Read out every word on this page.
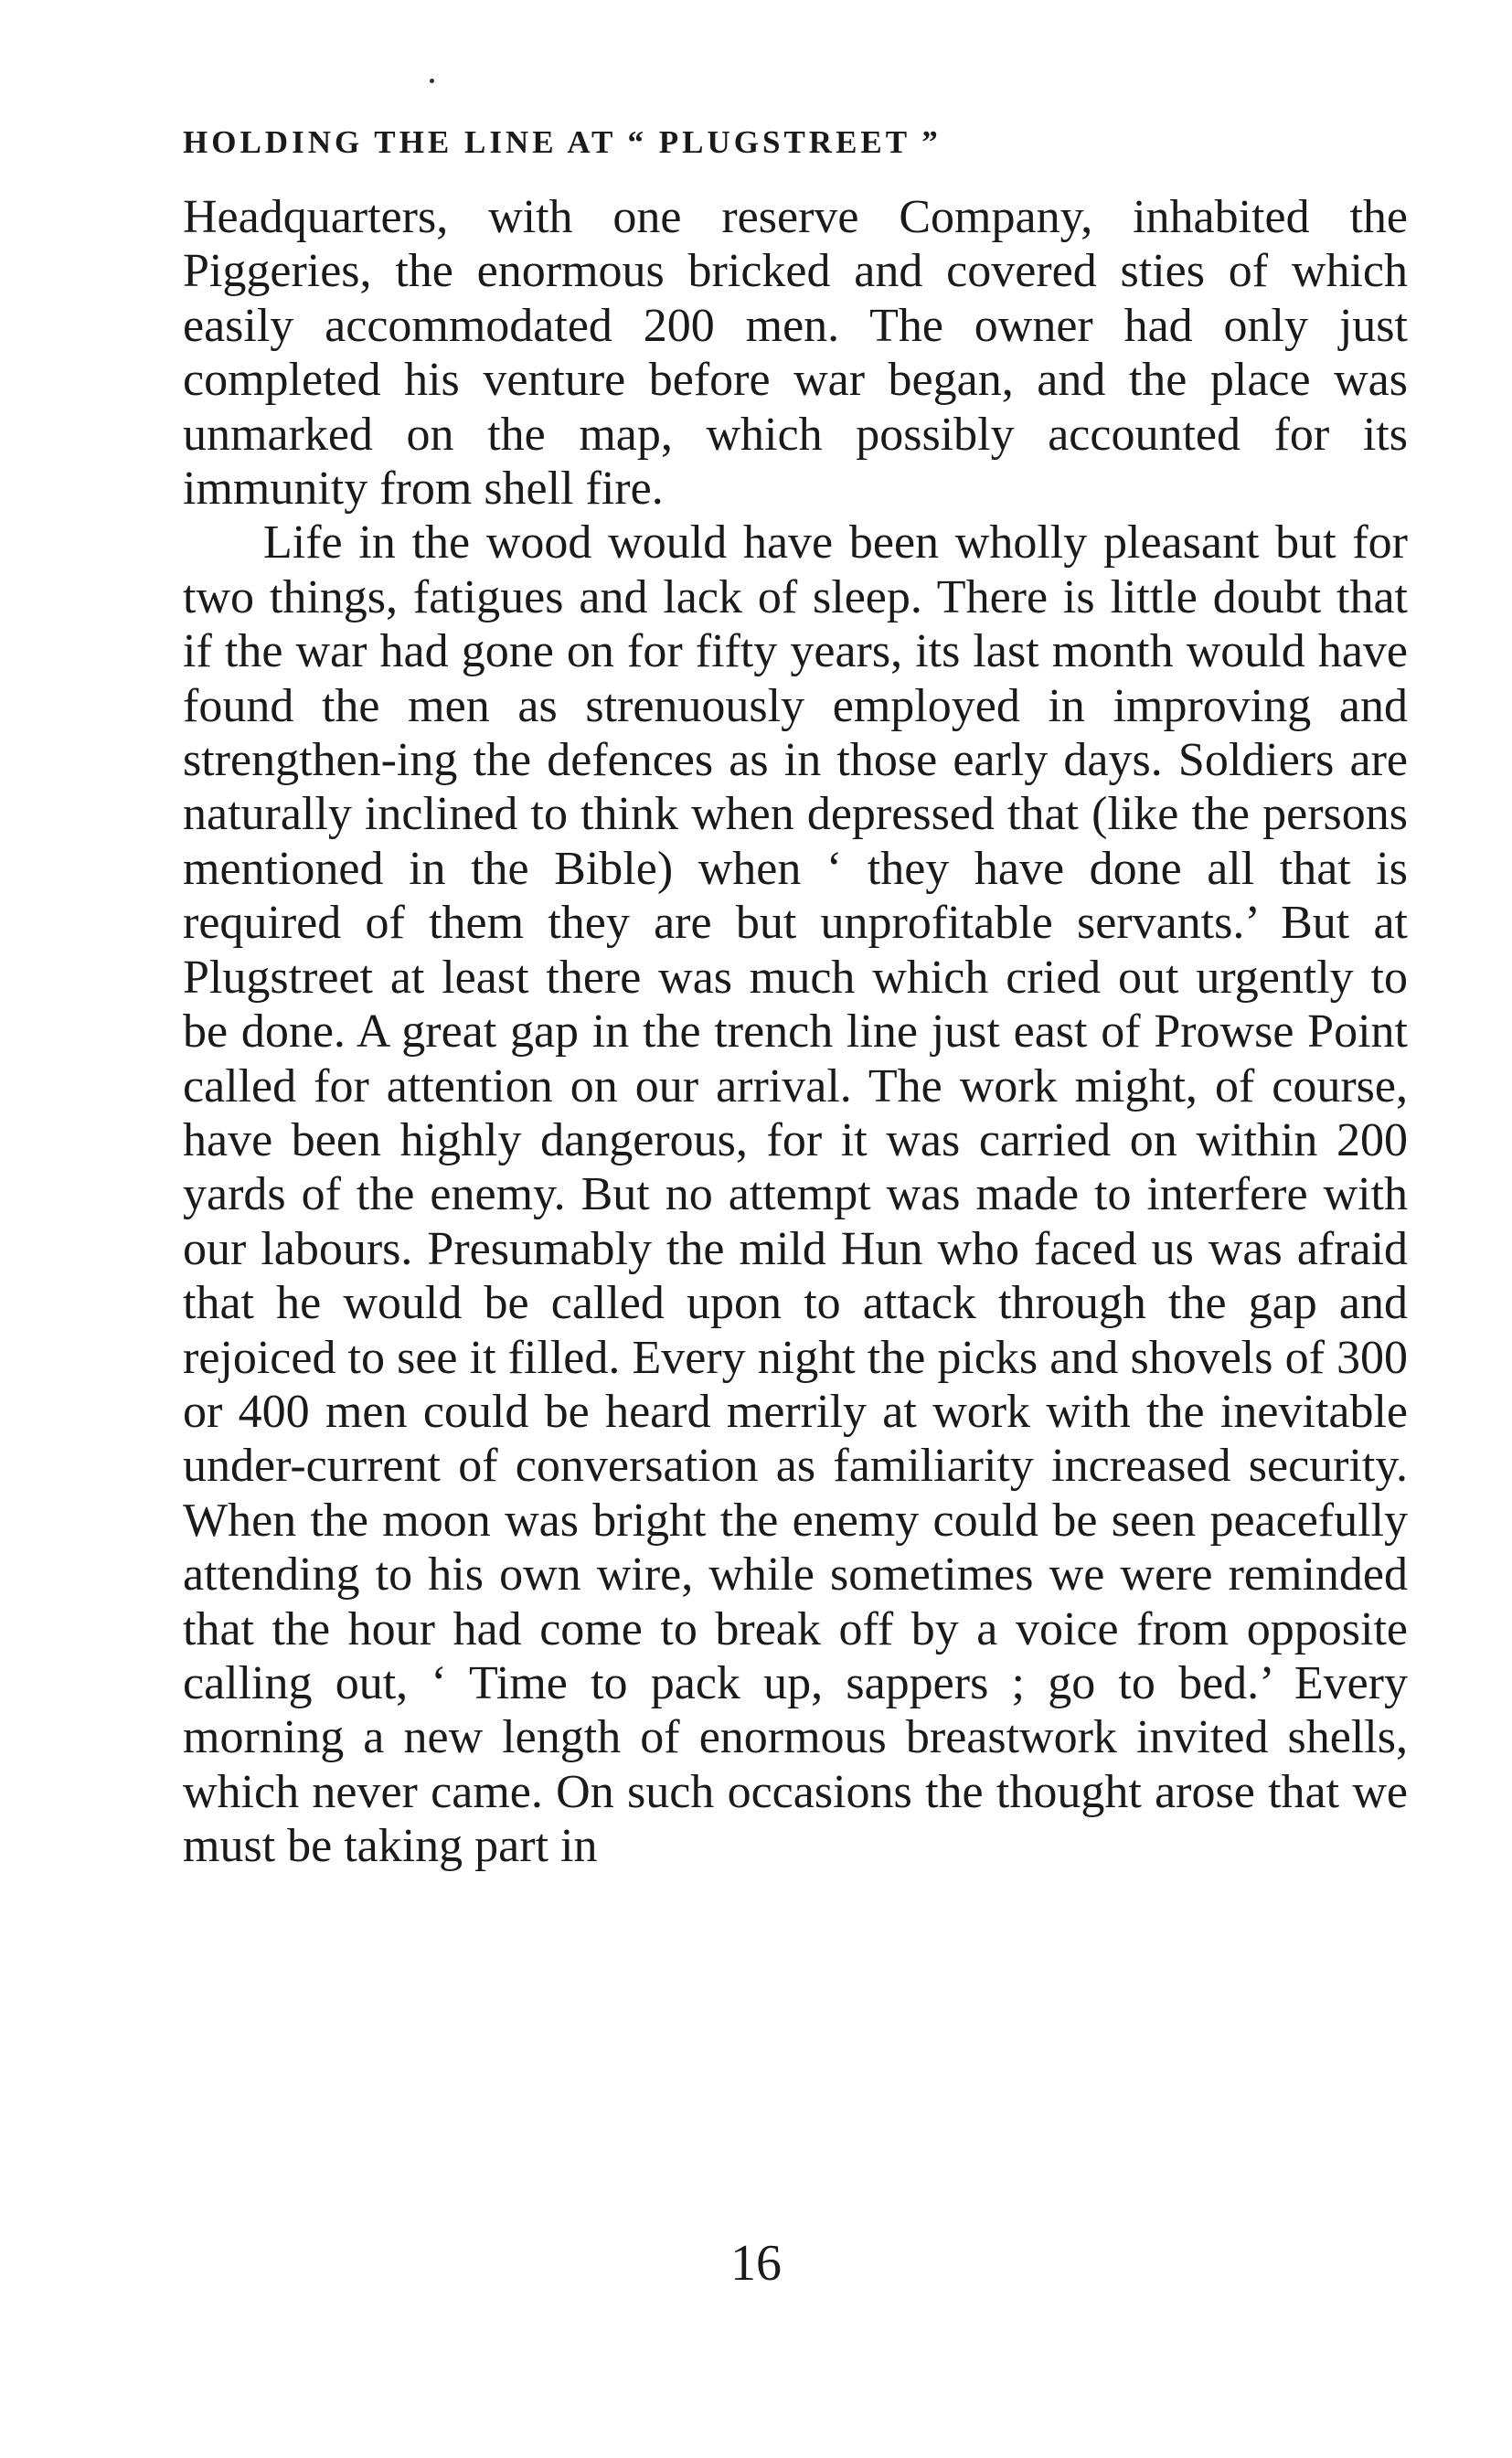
HOLDING THE LINE AT “ PLUGSTREET ”

Headquarters, with one reserve Company, inhabited the Piggeries, the enormous bricked and covered sties of which easily accommodated 200 men. The owner had only just completed his venture before war began, and the place was unmarked on the map, which possibly accounted for its immunity from shell fire.

Life in the wood would have been wholly pleasant but for two things, fatigues and lack of sleep. There is little doubt that if the war had gone on for fifty years, its last month would have found the men as strenuously employed in improving and strengthen-ing the defences as in those early days. Soldiers are naturally inclined to think when depressed that (like the persons mentioned in the Bible) when ‘ they have done all that is required of them they are but unprofitable servants.’ But at Plugstreet at least there was much which cried out urgently to be done. A great gap in the trench line just east of Prowse Point called for attention on our arrival. The work might, of course, have been highly dangerous, for it was carried on within 200 yards of the enemy. But no attempt was made to interfere with our labours. Presumably the mild Hun who faced us was afraid that he would be called upon to attack through the gap and rejoiced to see it filled. Every night the picks and shovels of 300 or 400 men could be heard merrily at work with the inevitable under-current of conversation as familiarity increased security. When the moon was bright the enemy could be seen peacefully attending to his own wire, while sometimes we were reminded that the hour had come to break off by a voice from opposite calling out, ‘ Time to pack up, sappers ; go to bed.’ Every morning a new length of enormous breastwork invited shells, which never came. On such occasions the thought arose that we must be taking part in

16
